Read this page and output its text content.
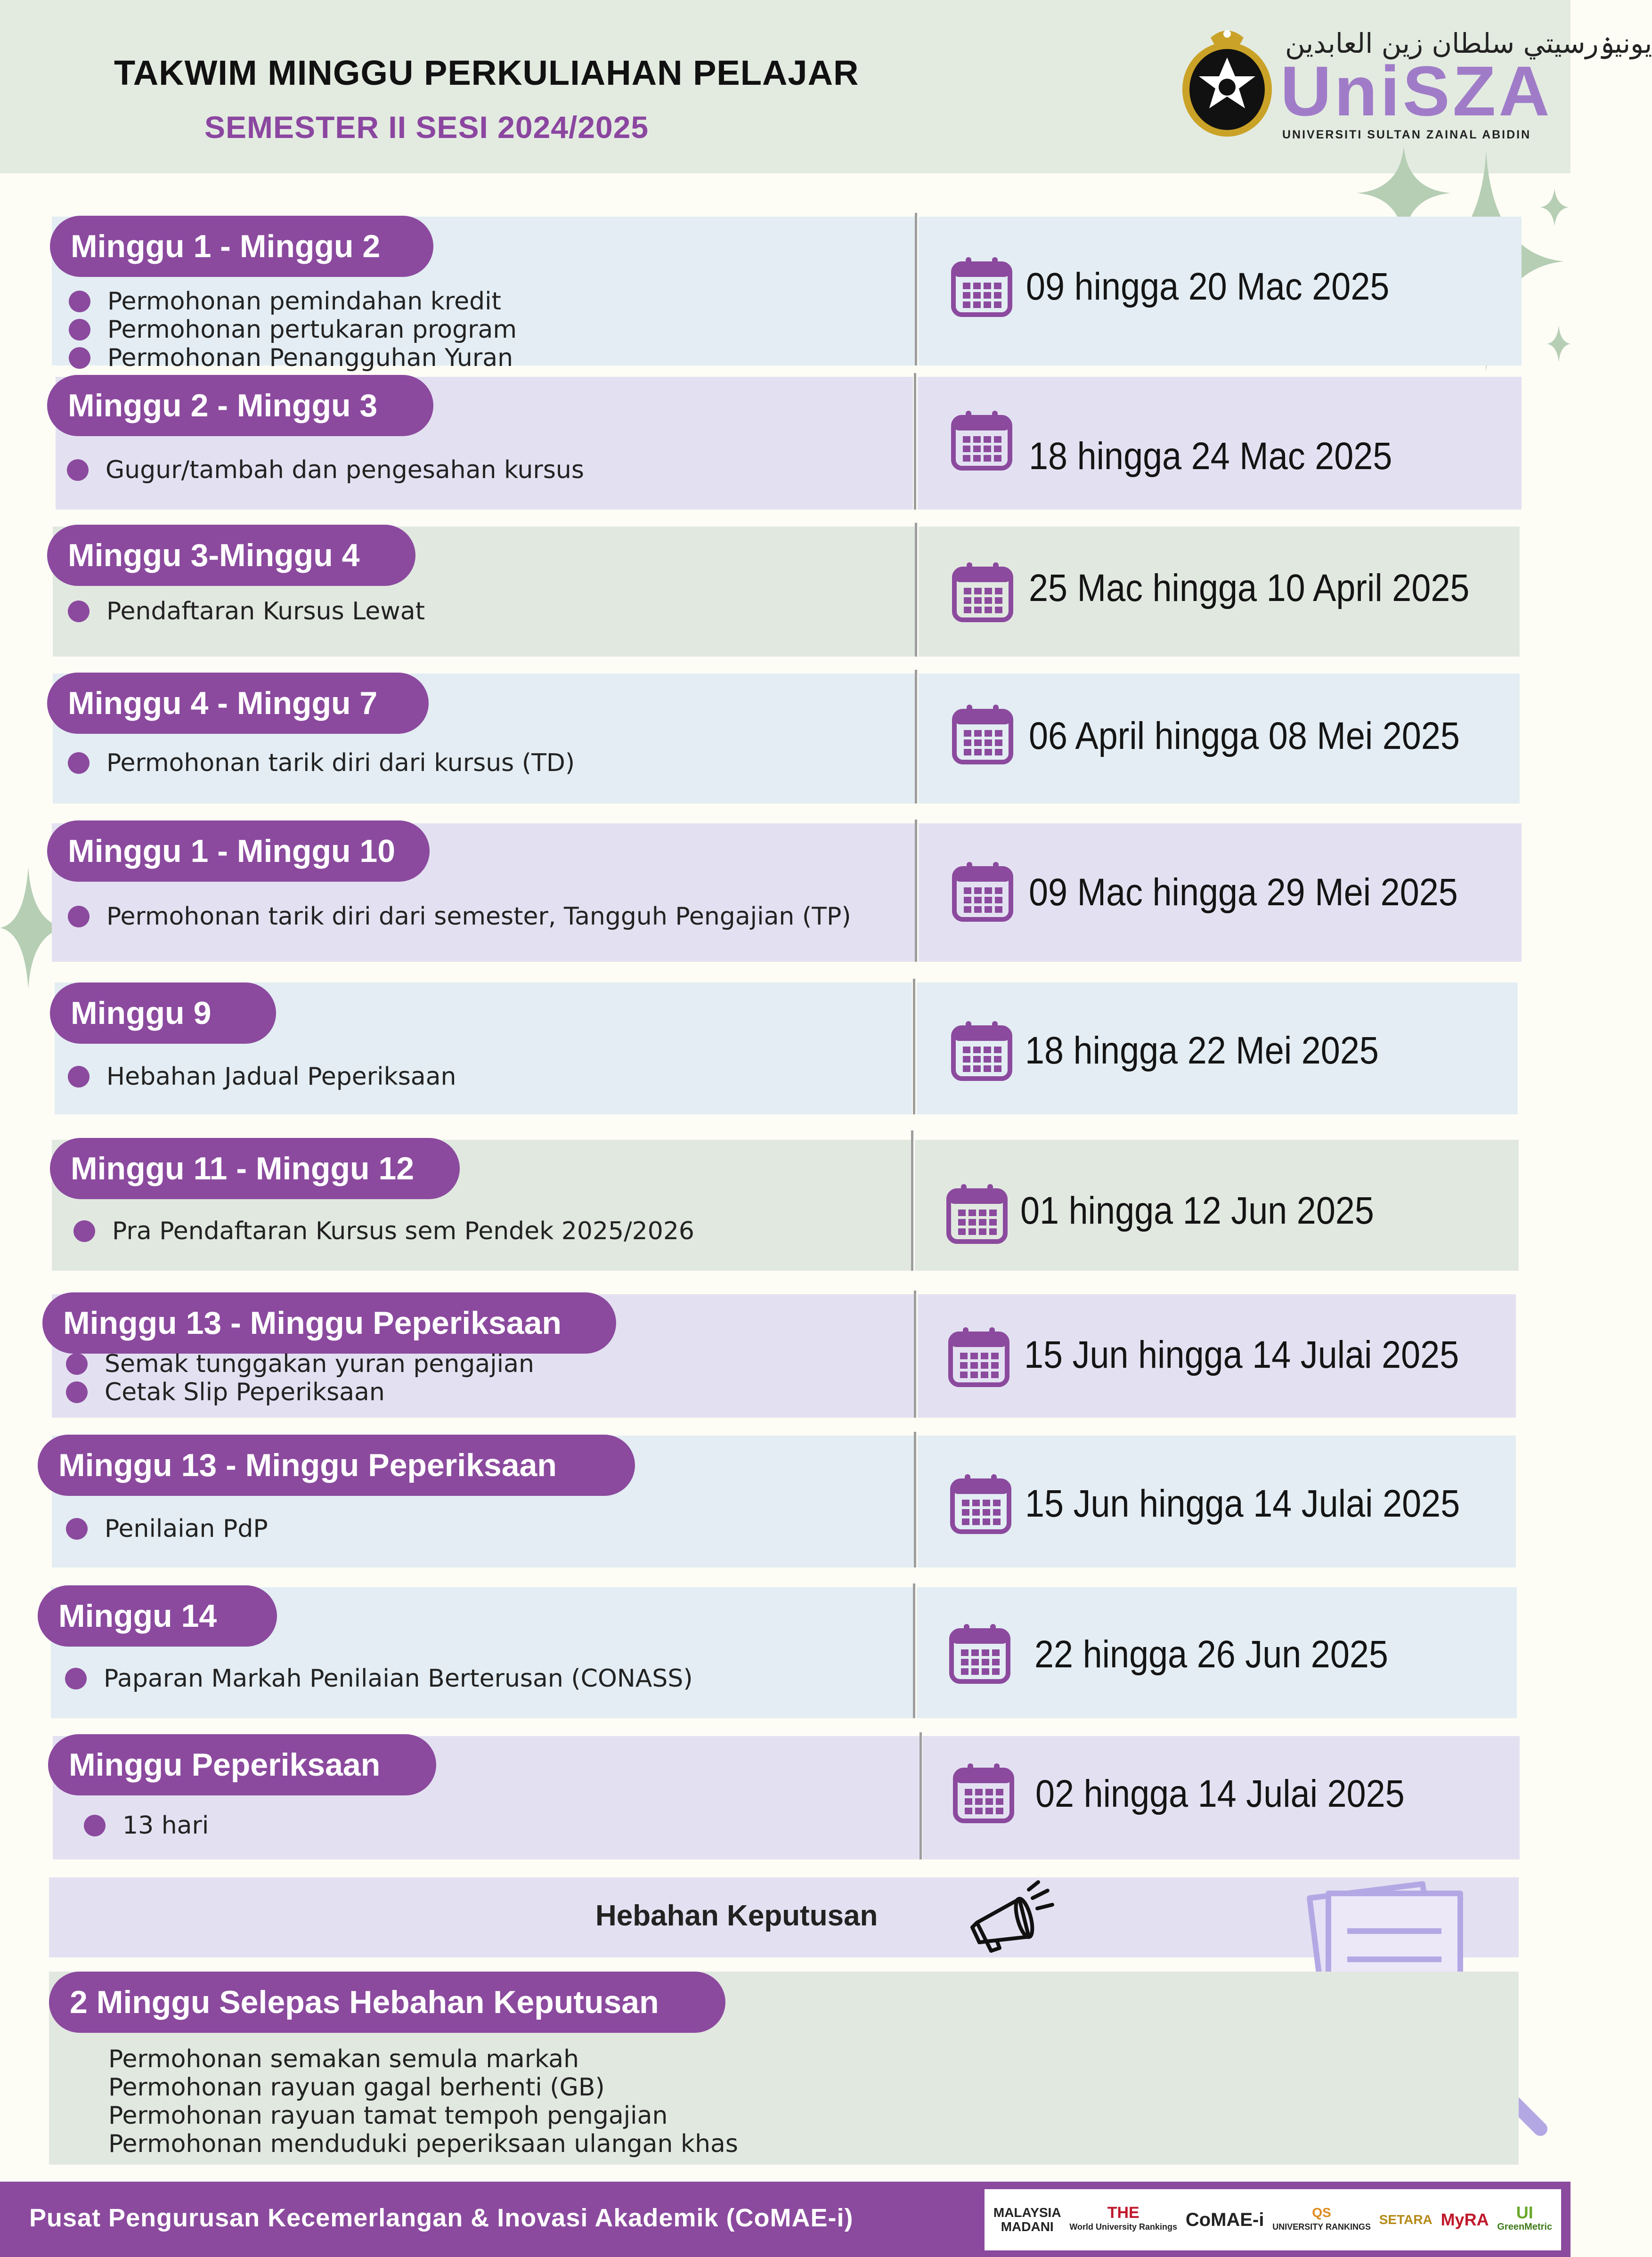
TAKWIM MINGGU PERKULIAHAN PELAJAR
SEMESTER II SESI 2024/2025
يونيۏرسيتي سلطان زين العابدين
UniSZA
UNIVERSITI SULTAN ZAINAL ABIDIN
Minggu 1 - Minggu 2
Permohonan pemindahan kredit
Permohonan pertukaran program
Permohonan Penangguhan Yuran
09 hingga 20 Mac 2025
Minggu 2 - Minggu 3
Gugur/tambah dan pengesahan kursus	18 hingga 24 Mac 2025
Minggu 3-Minggu 4
Pendaftaran Kursus Lewat
25 Mac hingga 10 April 2025
Minggu 4 - Minggu 7
Permohonan tarik diri dari kursus (TD)
06 April hingga 08 Mei 2025
Minggu 1 - Minggu 10
Permohonan tarik diri dari semester, Tangguh Pengajian (TP)
09 Mac hingga 29 Mei 2025
Minggu 9
Hebahan Jadual Peperiksaan
18 hingga 22 Mei 2025
Minggu 11 - Minggu 12
Pra Pendaftaran Kursus sem Pendek 2025/2026	01 hingga 12 Jun 2025
Minggu 13 - Minggu Peperiksaan
Semak tunggakan yuran pengajian
Cetak Slip Peperiksaan
15 Jun hingga 14 Julai 2025
Minggu 13 - Minggu Peperiksaan
Penilaian PdP
15 Jun hingga 14 Julai 2025
Minggu 14
Paparan Markah Penilaian Berterusan (CONASS)
22 hingga 26 Jun 2025
Minggu Peperiksaan
13 hari
02 hingga 14 Julai 2025
Hebahan Keputusan
2 Minggu Selepas Hebahan Keputusan
Permohonan semakan semula markah
Permohonan rayuan gagal berhenti (GB)
Permohonan rayuan tamat tempoh pengajian
Permohonan menduduki peperiksaan ulangan khas
Pusat Pengurusan Kecemerlangan & Inovasi Akademik (CoMAE-i)	MALAYSIA
MADANI
THE
World University Rankings CoMAE-i	QS
UNIVERSITY RANKINGS SETARA MyRA	UI
GreenMetric
